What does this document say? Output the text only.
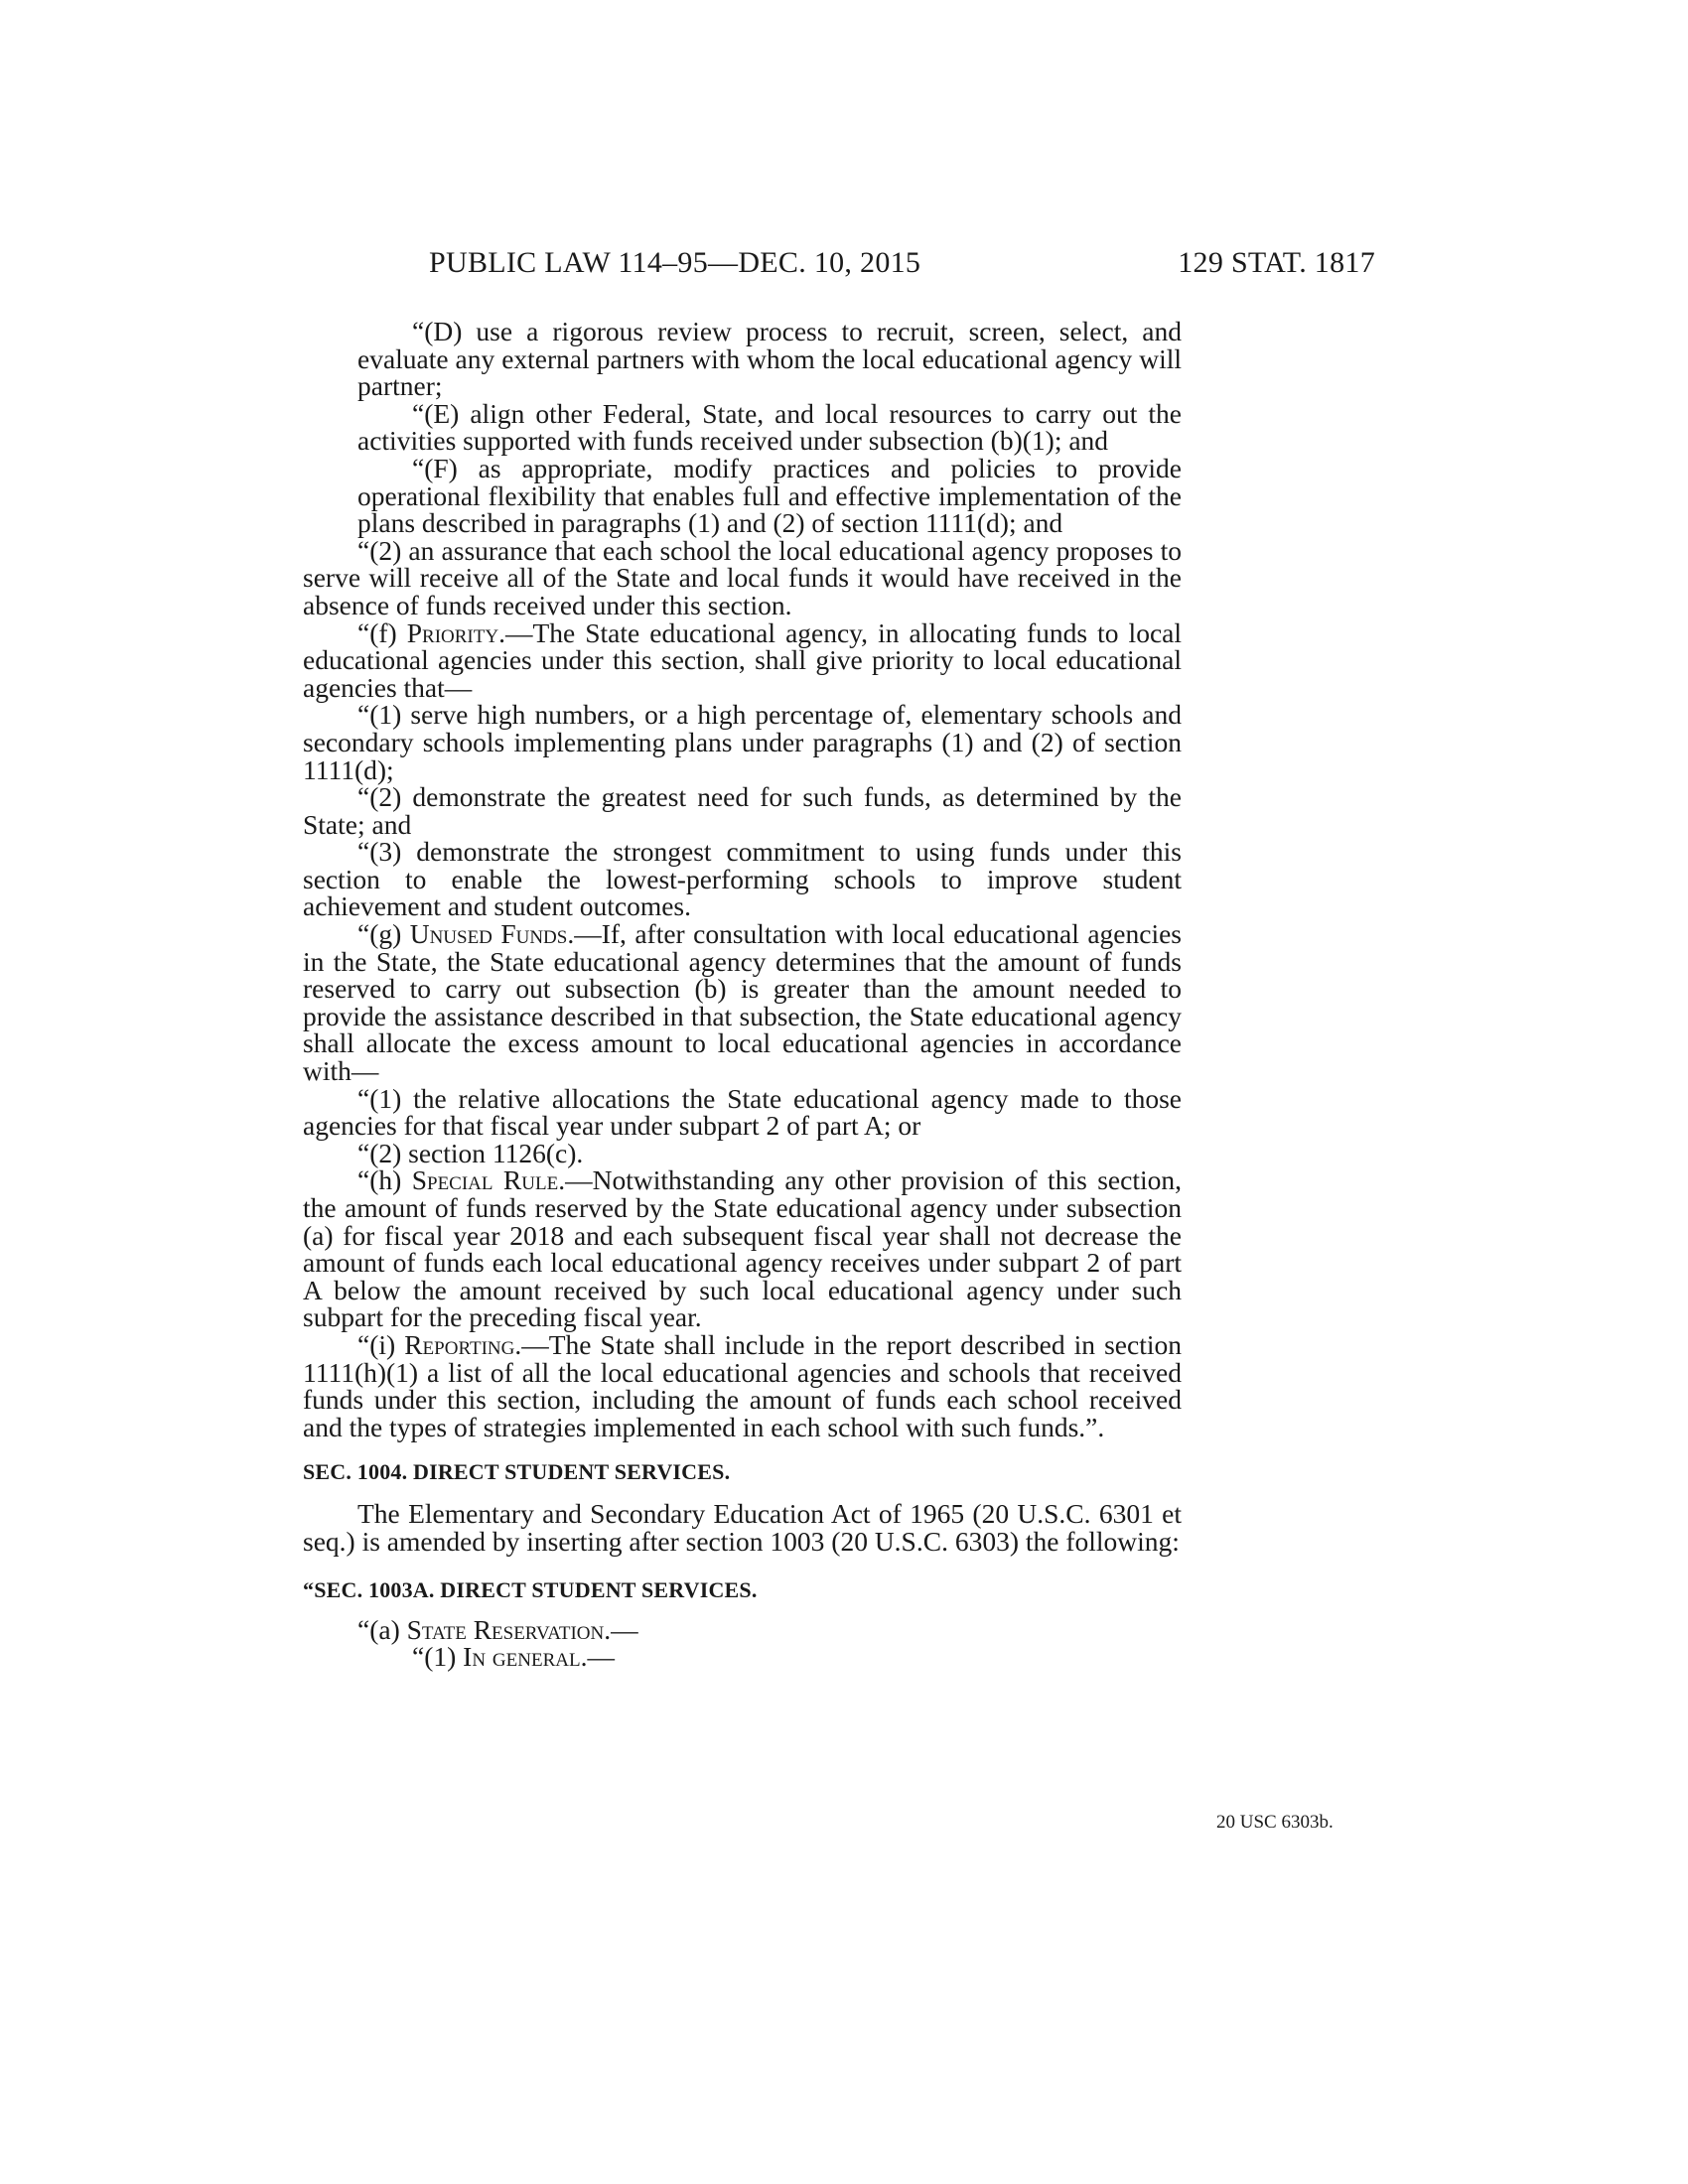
PUBLIC LAW 114–95—DEC. 10, 2015	129 STAT. 1817

“(D) use a rigorous review process to recruit, screen, select, and evaluate any external partners with whom the local educational agency will partner;

“(E) align other Federal, State, and local resources to carry out the activities supported with funds received under subsection (b)(1); and

“(F) as appropriate, modify practices and policies to provide operational flexibility that enables full and effective implementation of the plans described in paragraphs (1) and (2) of section 1111(d); and

“(2) an assurance that each school the local educational agency proposes to serve will receive all of the State and local funds it would have received in the absence of funds received under this section.

“(f) Priority.—The State educational agency, in allocating funds to local educational agencies under this section, shall give priority to local educational agencies that—

“(1) serve high numbers, or a high percentage of, elementary schools and secondary schools implementing plans under paragraphs (1) and (2) of section 1111(d);

“(2) demonstrate the greatest need for such funds, as determined by the State; and

“(3) demonstrate the strongest commitment to using funds under this section to enable the lowest-performing schools to improve student achievement and student outcomes.

“(g) Unused Funds.—If, after consultation with local educational agencies in the State, the State educational agency determines that the amount of funds reserved to carry out subsection (b) is greater than the amount needed to provide the assistance described in that subsection, the State educational agency shall allocate the excess amount to local educational agencies in accordance with—

“(1) the relative allocations the State educational agency made to those agencies for that fiscal year under subpart 2 of part A; or

“(2) section 1126(c).

“(h) Special Rule.—Notwithstanding any other provision of this section, the amount of funds reserved by the State educational agency under subsection (a) for fiscal year 2018 and each subsequent fiscal year shall not decrease the amount of funds each local educational agency receives under subpart 2 of part A below the amount received by such local educational agency under such subpart for the preceding fiscal year.

“(i) Reporting.—The State shall include in the report described in section 1111(h)(1) a list of all the local educational agencies and schools that received funds under this section, including the amount of funds each school received and the types of strategies implemented in each school with such funds.”.

SEC. 1004. DIRECT STUDENT SERVICES.

The Elementary and Secondary Education Act of 1965 (20 U.S.C. 6301 et seq.) is amended by inserting after section 1003 (20 U.S.C. 6303) the following:

“SEC. 1003A. DIRECT STUDENT SERVICES.

“(a) State Reservation.—

“(1) In general.—

20 USC 6303b.
